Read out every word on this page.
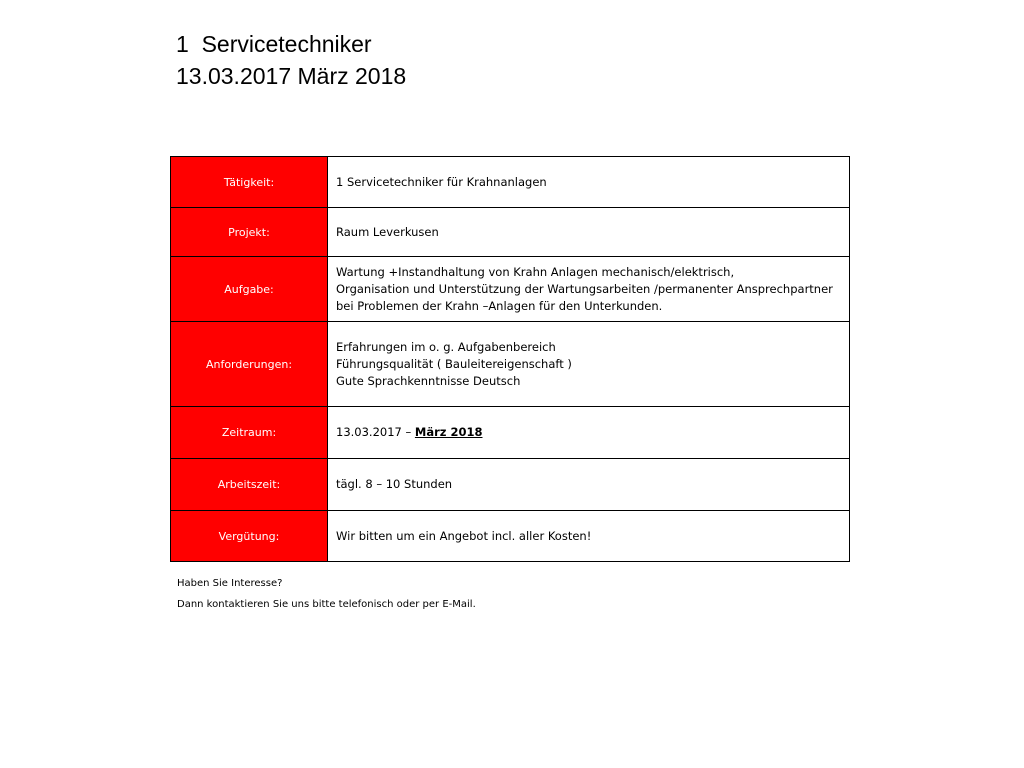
1  Servicetechniker
13.03.2017 März 2018
Tätigkeit:	1 Servicetechniker für Krahnanlagen

Projekt:	Raum Leverkusen

Aufgabe:	Wartung +Instandhaltung von Krahn Anlagen mechanisch/elektrisch,
Organisation und Unterstützung der Wartungsarbeiten /permanenter Ansprechpartner
bei Problemen der Krahn –Anlagen für den Unterkunden.

Anforderungen:	Erfahrungen im o. g. Aufgabenbereich
Führungsqualität ( Bauleitereigenschaft )
Gute Sprachkenntnisse Deutsch

Zeitraum:	13.03.2017 – März 2018
Arbeitszeit:	tägl. 8 – 10 Stunden

Vergütung:	Wir bitten um ein Angebot incl. aller Kosten!
Haben Sie Interesse?
Dann kontaktieren Sie uns bitte telefonisch oder per E-Mail.
